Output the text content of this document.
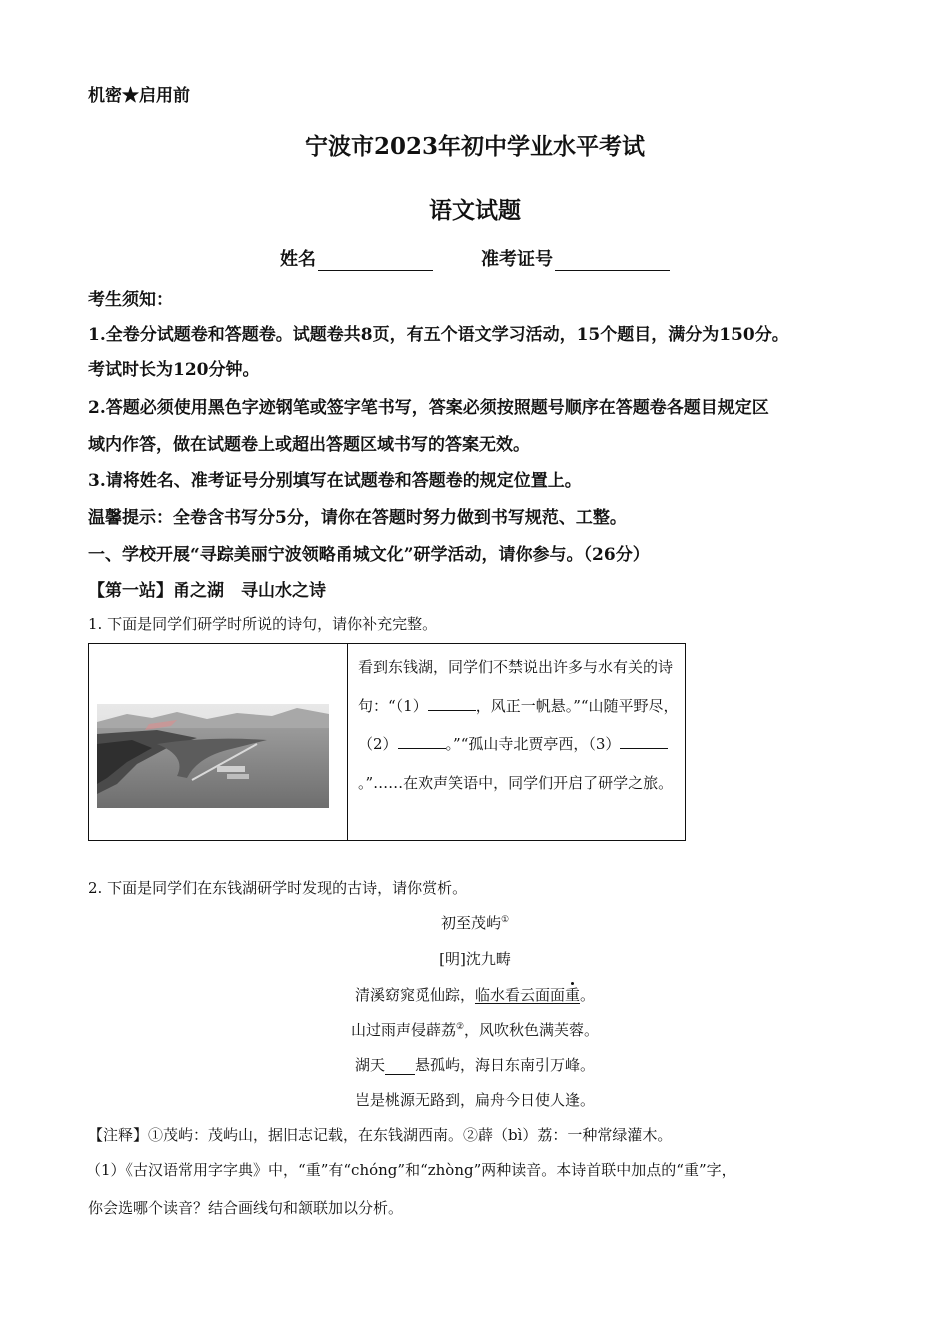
机密★启用前
宁波市2023年初中学业水平考试
语文试题
姓名	准考证号
考生须知：
1.全卷分试题卷和答题卷。试题卷共8页，有五个语文学习活动，15个题目，满分为150分。
考试时长为120分钟。
2.答题必须使用黑色字迹钢笔或签字笔书写，答案必须按照题号顺序在答题卷各题目规定区
域内作答，做在试题卷上或超出答题区域书写的答案无效。
3.请将姓名、准考证号分别填写在试题卷和答题卷的规定位置上。
温馨提示：全卷含书写分5分，请你在答题时努力做到书写规范、工整。
一、学校开展“寻踪美丽宁波领略甬城文化”研学活动，请你参与。（26分）
【第一站】甬之湖　寻山水之诗
1. 下面是同学们研学时所说的诗句，请你补充完整。

看到东钱湖，同学们不禁说出许多与水有关的诗句：“（1）	，风正一帆悬。”“山随平野尽，（2）	。”“孤山寺北贾亭西，（3）。”……在欢声笑语中，同学们开启了研学之旅。
2. 下面是同学们在东钱湖研学时发现的古诗，请你赏析。
初至茂屿①
[明]沈九畴
清溪窈窕觅仙踪，临水看云面面重。
山过雨声侵薜荔②，风吹秋色满芙蓉。
湖天 悬孤屿，海日东南引万峰。
岂是桃源无路到，扁舟今日使人逢。
【注释】①茂屿：茂屿山，据旧志记载，在东钱湖西南。②薜（bì）荔：一种常绿灌木。
（1）《古汉语常用字字典》中，“重”有“chóng”和“zhòng”两种读音。本诗首联中加点的“重”字，
你会选哪个读音？结合画线句和颔联加以分析。
